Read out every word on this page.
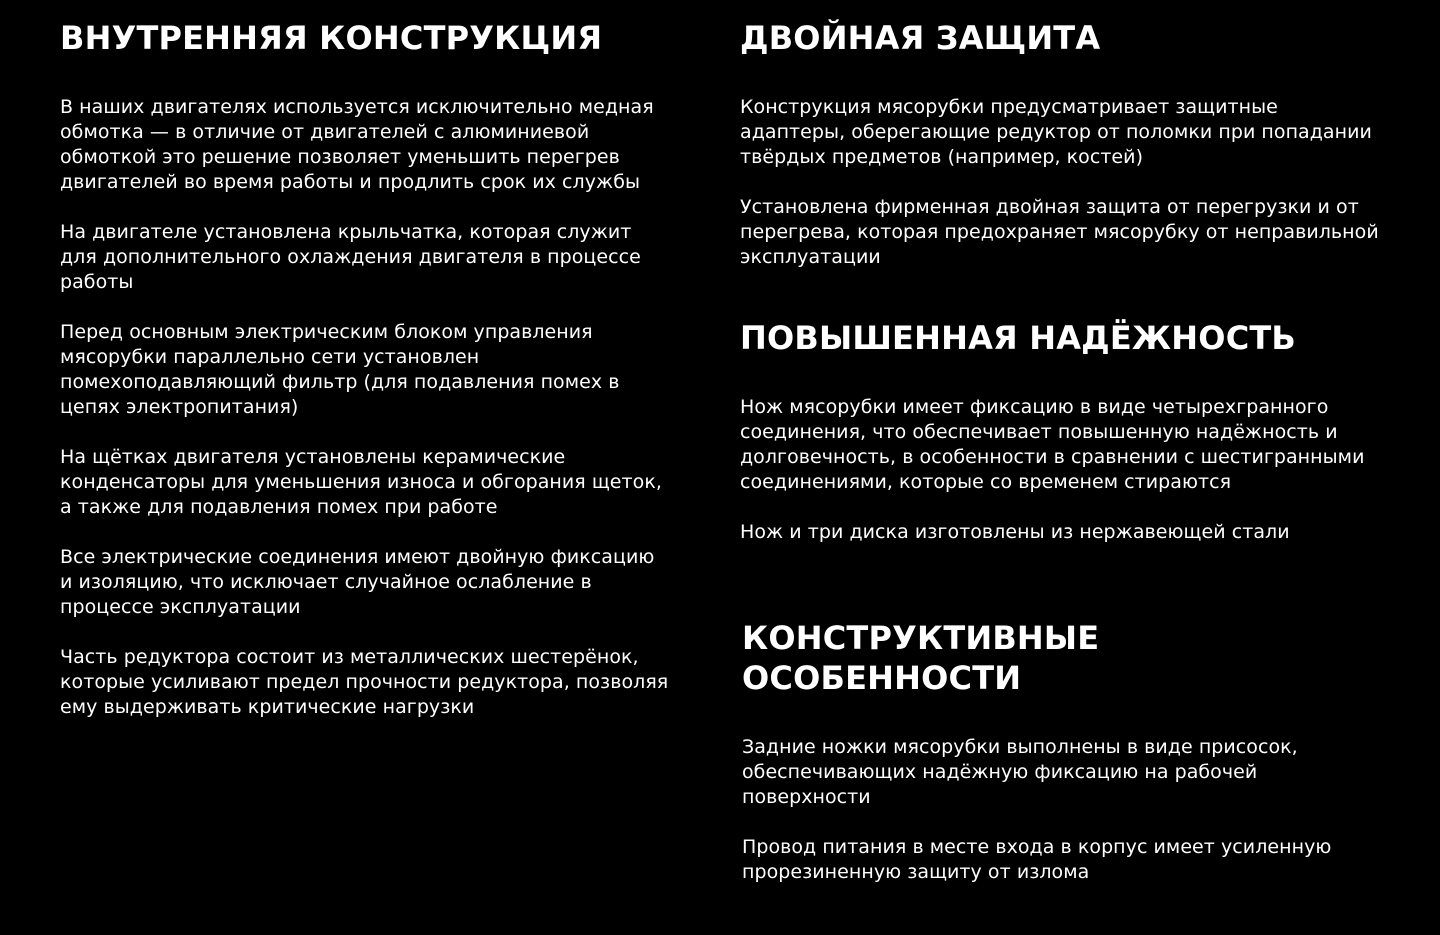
ВНУТРЕННЯЯ КОНСТРУКЦИЯ

В наших двигателях используется исключительно медная обмотка — в отличие от двигателей с алюминиевой обмоткой это решение позволяет уменьшить перегрев двигателей во время работы и продлить срок их службы

На двигателе установлена крыльчатка, которая служит для дополнительного охлаждения двигателя в процессе работы

Перед основным электрическим блоком управления мясорубки параллельно сети установлен помехоподавляющий фильтр (для подавления помех в цепях электропитания)

На щётках двигателя установлены керамические конденсаторы для уменьшения износа и обгорания щеток, а также для подавления помех при работе

Все электрические соединения имеют двойную фиксацию и изоляцию, что исключает случайное ослабление в процессе эксплуатации

Часть редуктора состоит из металлических шестерёнок, которые усиливают предел прочности редуктора, позволяя ему выдерживать критические нагрузки

ДВОЙНАЯ ЗАЩИТА

Конструкция мясорубки предусматривает защитные адаптеры, оберегающие редуктор от поломки при попадании твёрдых предметов (например, костей)

Установлена фирменная двойная защита от перегрузки и от перегрева, которая предохраняет мясорубку от неправильной эксплуатации

ПОВЫШЕННАЯ НАДЁЖНОСТЬ

Нож мясорубки имеет фиксацию в виде четырехгранного соединения, что обеспечивает повышенную надёжность и долговечность, в особенности в сравнении с шестигранными соединениями, которые со временем стираются

Нож и три диска изготовлены из нержавеющей стали

КОНСТРУКТИВНЫЕ ОСОБЕННОСТИ

Задние ножки мясорубки выполнены в виде присосок, обеспечивающих надёжную фиксацию на рабочей поверхности

Провод питания в месте входа в корпус имеет усиленную прорезиненную защиту от излома
